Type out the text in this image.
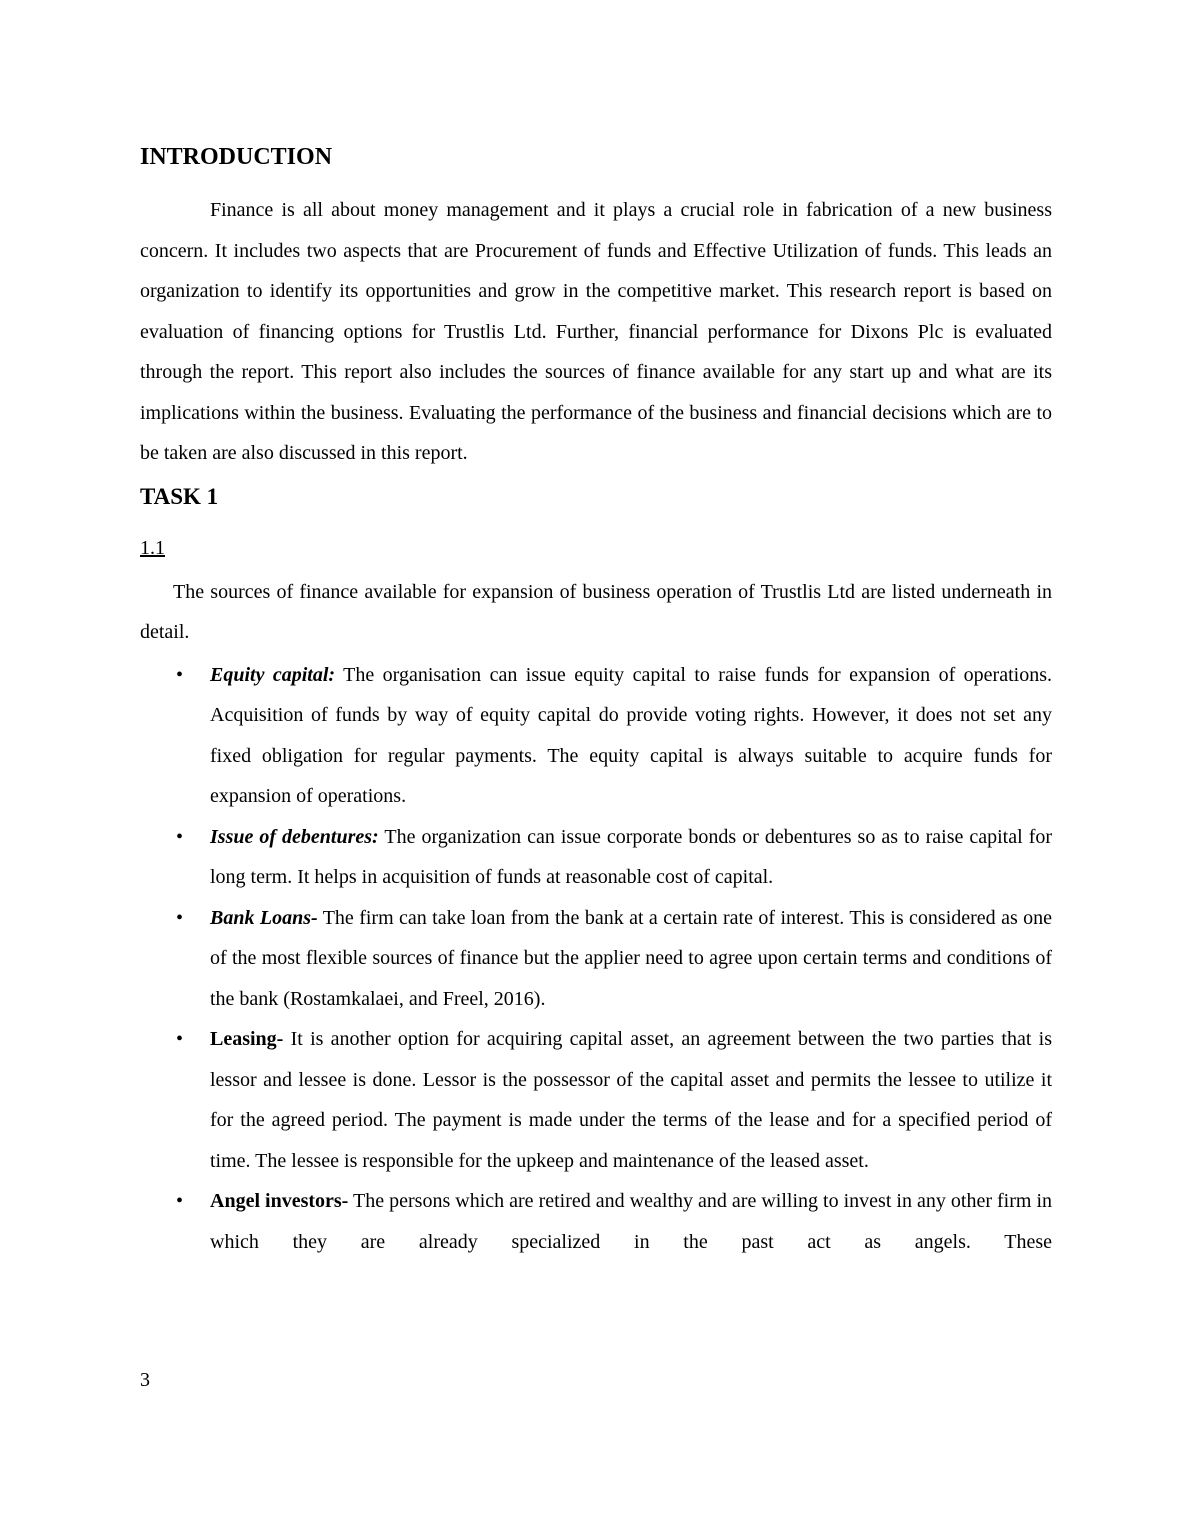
INTRODUCTION

Finance is all about money management and it plays a crucial role in fabrication of a new business concern. It includes two aspects that are Procurement of funds and Effective Utilization of funds. This leads an organization to identify its opportunities and grow in the competitive market. This research report is based on evaluation of financing options for Trustlis Ltd. Further, financial performance for Dixons Plc is evaluated through the report. This report also includes the sources of finance available for any start up and what are its implications within the business. Evaluating the performance of the business and financial decisions which are to be taken are also discussed in this report.

TASK 1
1.1

The sources of finance available for expansion of business operation of Trustlis Ltd are listed underneath in detail.

• Equity capital: The organisation can issue equity capital to raise funds for expansion of operations. Acquisition of funds by way of equity capital do provide voting rights. However, it does not set any fixed obligation for regular payments. The equity capital is always suitable to acquire funds for expansion of operations.
• Issue of debentures: The organization can issue corporate bonds or debentures so as to raise capital for long term. It helps in acquisition of funds at reasonable cost of capital.
• Bank Loans- The firm can take loan from the bank at a certain rate of interest. This is considered as one of the most flexible sources of finance but the applier need to agree upon certain terms and conditions of the bank (Rostamkalaei, and Freel, 2016).
• Leasing- It is another option for acquiring capital asset, an agreement between the two parties that is lessor and lessee is done. Lessor is the possessor of the capital asset and permits the lessee to utilize it for the agreed period. The payment is made under the terms of the lease and for a specified period of time. The lessee is responsible for the upkeep and maintenance of the leased asset.
• Angel investors- The persons which are retired and wealthy and are willing to invest in any other firm in which they are already specialized in the past act as angels. These
3
